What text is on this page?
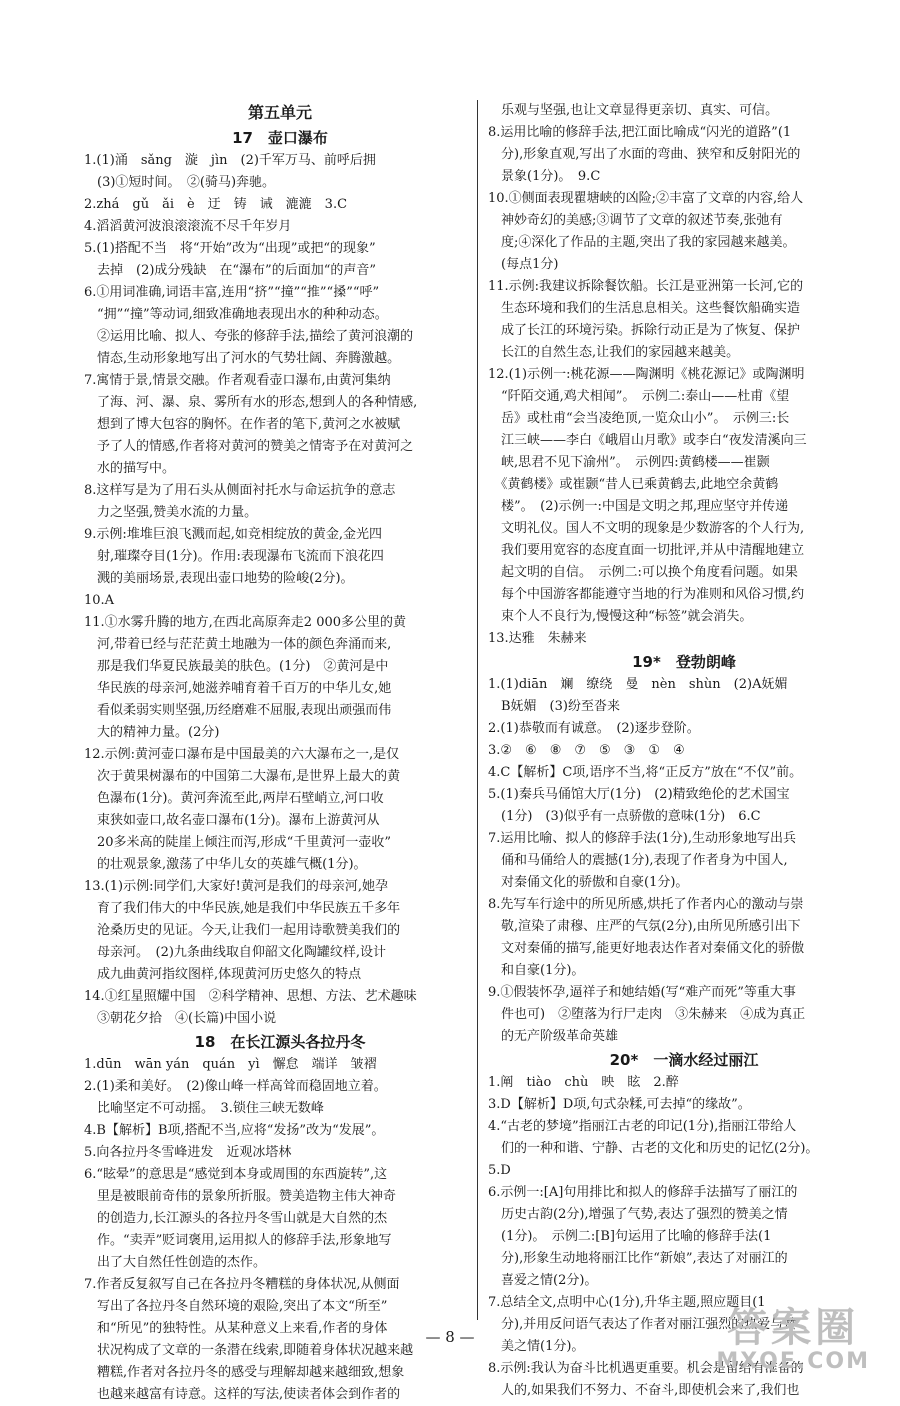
第五单元
17　壶口瀑布

1.(1)涌　sǎng　漩　jìn　(2)千军万马、前呼后拥
　(3)①短时间。　②(骑马)奔驰。

2.zhá　gǔ　ǎi　è　迂　铸　诫　漉漉　3.C

4.滔滔黄河波浪滚滚流不尽千年岁月

5.(1)搭配不当　将“开始”改为“出现”或把“的现象”
　去掉　(2)成分残缺　在“瀑布”的后面加“的声音”

6.①用词准确,词语丰富,连用“挤”“撞”“推”“搡”“呼”
　“拥”“撞”等动词,细致准确地表现出水的种种动态。
　②运用比喻、拟人、夸张的修辞手法,描绘了黄河浪潮的
　情态,生动形象地写出了河水的气势壮阔、奔腾激越。

7.寓情于景,情景交融。作者观看壶口瀑布,由黄河集纳
　了海、河、瀑、泉、雾所有水的形态,想到人的各种情感,
　想到了博大包容的胸怀。在作者的笔下,黄河之水被赋
　予了人的情感,作者将对黄河的赞美之情寄予在对黄河之
　水的描写中。

8.这样写是为了用石头从侧面衬托水与命运抗争的意志
　力之坚强,赞美水流的力量。

9.示例:堆堆巨浪飞溅而起,如竞相绽放的黄金,金光四
　射,璀璨夺目(1分)。作用:表现瀑布飞流而下浪花四
　溅的美丽场景,表现出壶口地势的险峻(2分)。

10.A

11.①水雾升腾的地方,在西北高原奔走2 000多公里的黄
　河,带着已经与茫茫黄土地融为一体的颜色奔涌而来,
　那是我们华夏民族最美的肤色。(1分)　②黄河是中
　华民族的母亲河,她滋养哺育着千百万的中华儿女,她
　看似柔弱实则坚强,历经磨难不屈服,表现出顽强而伟
　大的精神力量。(2分)

12.示例:黄河壶口瀑布是中国最美的六大瀑布之一,是仅
　次于黄果树瀑布的中国第二大瀑布,是世界上最大的黄
　色瀑布(1分)。黄河奔流至此,两岸石壁峭立,河口收
　束狭如壶口,故名壶口瀑布(1分)。瀑布上游黄河从
　20多米高的陡崖上倾注而泻,形成“千里黄河一壶收”
　的壮观景象,激荡了中华儿女的英雄气概(1分)。

13.(1)示例:同学们,大家好!黄河是我们的母亲河,她孕
　育了我们伟大的中华民族,她是我们中华民族五千多年
　沧桑历史的见证。今天,让我们一起用诗歌赞美我们的
　母亲河。　(2)九条曲线取自仰韶文化陶罐纹样,设计
　成九曲黄河指纹图样,体现黄河历史悠久的特点

14.①红星照耀中国　②科学精神、思想、方法、艺术趣味
　③朝花夕拾　④(长篇)中国小说

18　在长江源头各拉丹冬

1.dūn　wān yán　quán　yì　懈怠　端详　皱褶

2.(1)柔和美好。　(2)像山峰一样高耸而稳固地立着。
　比喻坚定不可动摇。　3.锁住三峡无数峰

4.B【解析】B项,搭配不当,应将“发扬”改为“发展”。

5.向各拉丹冬雪峰进发　近观冰塔林

6.“眩晕”的意思是“感觉到本身或周围的东西旋转”,这
　里是被眼前奇伟的景象所折服。赞美造物主伟大神奇
　的创造力,长江源头的各拉丹冬雪山就是大自然的杰
　作。“卖弄”贬词褒用,运用拟人的修辞手法,形象地写
　出了大自然任性创造的杰作。

7.作者反复叙写自己在各拉丹冬糟糕的身体状况,从侧面
　写出了各拉丹冬自然环境的艰险,突出了本文“所至”
　和“所见”的独特性。从某种意义上来看,作者的身体
　状况构成了文章的一条潜在线索,即随着身体状况越来越
　糟糕,作者对各拉丹冬的感受与理解却越来越细致,想象
　也越来越富有诗意。这样的写法,使读者体会到作者的

　乐观与坚强,也让文章显得更亲切、真实、可信。

8.运用比喻的修辞手法,把江面比喻成“闪光的道路”(1
　分),形象直观,写出了水面的弯曲、狭窄和反射阳光的
　景象(1分)。　9.C

10.①侧面表现瞿塘峡的凶险;②丰富了文章的内容,给人
　神妙奇幻的美感;③调节了文章的叙述节奏,张弛有
　度;④深化了作品的主题,突出了我的家园越来越美。
　(每点1分)

11.示例:我建议拆除餐饮船。长江是亚洲第一长河,它的
　生态环境和我们的生活息息相关。这些餐饮船确实造
　成了长江的环境污染。拆除行动正是为了恢复、保护
　长江的自然生态,让我们的家园越来越美。

12.(1)示例一:桃花源——陶渊明《桃花源记》或陶渊明
　“阡陌交通,鸡犬相闻”。　示例二:泰山——杜甫《望
　岳》或杜甫“会当凌绝顶,一览众山小”。　示例三:长
　江三峡——李白《峨眉山月歌》或李白“夜发清溪向三
　峡,思君不见下渝州”。　示例四:黄鹤楼——崔颢
　《黄鹤楼》或崔颢“昔人已乘黄鹤去,此地空余黄鹤
　楼”。　(2)示例一:中国是文明之邦,理应坚守并传递
　文明礼仪。国人不文明的现象是少数游客的个人行为,
　我们要用宽容的态度直面一切批评,并从中清醒地建立
　起文明的自信。　示例二:可以换个角度看问题。如果
　每个中国游客都能遵守当地的行为准则和风俗习惯,约
　束个人不良行为,慢慢这种“标签”就会消失。

13.达雅　朱赫来

19*　登勃朗峰

1.(1)diān　斓　缭绕　曼　nèn　shùn　(2)A妩媚
　B妩媚　(3)纷至沓来

2.(1)恭敬而有诚意。　(2)逐步登阶。

3.②　⑥　⑧　⑦　⑤　③　①　④

4.C【解析】C项,语序不当,将“正反方”放在“不仅”前。

5.(1)秦兵马俑馆大厅(1分)　(2)精致绝伦的艺术国宝
　(1分)　(3)似乎有一点骄傲的意味(1分)　6.C

7.运用比喻、拟人的修辞手法(1分),生动形象地写出兵
　俑和马俑给人的震撼(1分),表现了作者身为中国人,
　对秦俑文化的骄傲和自豪(1分)。

8.先写车行途中的所见所感,烘托了作者内心的激动与崇
　敬,渲染了肃穆、庄严的气氛(2分),由所见所感引出下
　文对秦俑的描写,能更好地表达作者对秦俑文化的骄傲
　和自豪(1分)。

9.①假装怀孕,逼祥子和她结婚(写“难产而死”等重大事
　件也可)　②堕落为行尸走肉　③朱赫来　④成为真正
　的无产阶级革命英雄

20*　一滴水经过丽江

1.阐　tiào　chù　映　眩　2.醉

3.D【解析】D项,句式杂糅,可去掉“的缘故”。

4.“古老的梦境”指丽江古老的印记(1分),指丽江带给人
　们的一种和谐、宁静、古老的文化和历史的记忆(2分)。

5.D

6.示例一:[A]句用排比和拟人的修辞手法描写了丽江的
　历史古韵(2分),增强了气势,表达了强烈的赞美之情
　(1分)。　示例二:[B]句运用了比喻的修辞手法(1
　分),形象生动地将丽江比作“新娘”,表达了对丽江的
　喜爱之情(2分)。

7.总结全文,点明中心(1分),升华主题,照应题目(1
　分),并用反问语气表达了作者对丽江强烈的热爱与赞
　美之情(1分)。

8.示例:我认为奋斗比机遇更重要。机会是留给有准备的
　人的,如果我们不努力、不奋斗,即使机会来了,我们也

— 8 —	答案圈
MXQE.COM
